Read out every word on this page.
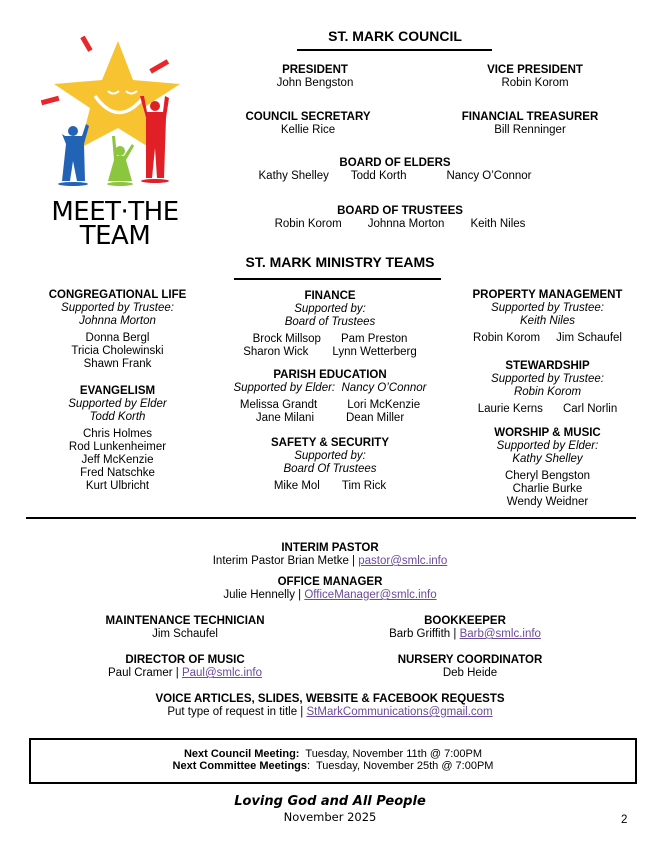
MEET·THE
TEAM
ST. MARK COUNCIL
PRESIDENT
John Bengston
VICE PRESIDENT
Robin Korom
COUNCIL SECRETARY
Kellie Rice
FINANCIAL TREASURER
Bill Renninger
BOARD OF ELDERS
Kathy Shelley Todd Korth	Nancy O’Connor
BOARD OF TRUSTEES
Robin Korom Johnna Morton Keith Niles
ST. MARK MINISTRY TEAMS
CONGREGATIONAL LIFE
Supported by Trustee:
Johnna Morton
Donna Bergl
Tricia Cholewinski
Shawn Frank
EVANGELISM
Supported by Elder
Todd Korth
Chris Holmes
Rod Lunkenheimer
Jeff McKenzie
Fred Natschke
Kurt Ulbricht
FINANCE
Supported by:
Board of Trustees
Brock Millsop Pam Preston
Sharon Wick Lynn Wetterberg
PARISH EDUCATION
Supported by Elder:  Nancy O’Connor
Melissa Grandt	Lori McKenzie
Jane Milani	Dean Miller
SAFETY & SECURITY
Supported by:
Board Of Trustees
Mike Mol Tim Rick
PROPERTY MANAGEMENT
Supported by Trustee:
Keith Niles
Robin Korom Jim Schaufel
STEWARDSHIP
Supported by Trustee:
Robin Korom
Laurie Kerns Carl Norlin
WORSHIP & MUSIC
Supported by Elder:
Kathy Shelley
Cheryl Bengston
Charlie Burke
Wendy Weidner
INTERIM PASTOR
Interim Pastor Brian Metke | pastor@smlc.info
OFFICE MANAGER
Julie Hennelly | OfficeManager@smlc.info
MAINTENANCE TECHNICIAN
Jim Schaufel
BOOKKEEPER
Barb Griffith | Barb@smlc.info
DIRECTOR OF MUSIC
Paul Cramer | Paul@smlc.info
NURSERY COORDINATOR
Deb Heide
VOICE ARTICLES, SLIDES, WEBSITE & FACEBOOK REQUESTS
Put type of request in title | StMarkCommunications@gmail.com
Next Council Meeting:  Tuesday, November 11th @ 7:00PM
Next Committee Meetings:  Tuesday, November 25th @ 7:00PM
Loving God and All People
November 2025	2
